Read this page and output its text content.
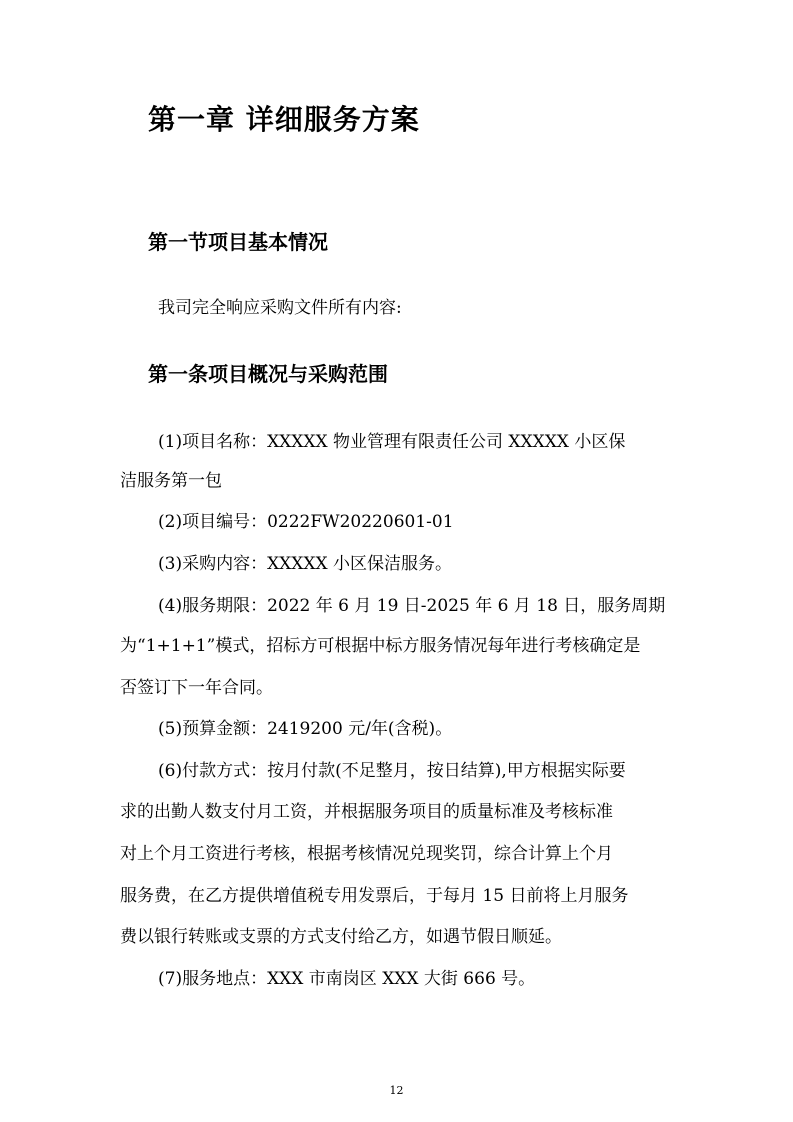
第一章 详细服务方案
第一节项目基本情况

我司完全响应采购文件所有内容:

第一条项目概况与采购范围

(1)项目名称：XXXXX 物业管理有限责任公司 XXXXX 小区保

洁服务第一包

(2)项目编号：0222FW20220601-01

(3)采购内容：XXXXX 小区保洁服务。

(4)服务期限：2022 年 6 月 19 日-2025 年 6 月 18 日，服务周期

为“1+1+1”模式，招标方可根据中标方服务情况每年进行考核确定是

否签订下一年合同。

(5)预算金额：2419200 元/年(含税)。

(6)付款方式：按月付款(不足整月，按日结算),甲方根据实际要

求的出勤人数支付月工资，并根据服务项目的质量标准及考核标准

对上个月工资进行考核，根据考核情况兑现奖罚，综合计算上个月

服务费，在乙方提供增值税专用发票后，于每月 15 日前将上月服务

费以银行转账或支票的方式支付给乙方，如遇节假日顺延。

(7)服务地点：XXX 市南岗区 XXX 大街 666 号。

12
